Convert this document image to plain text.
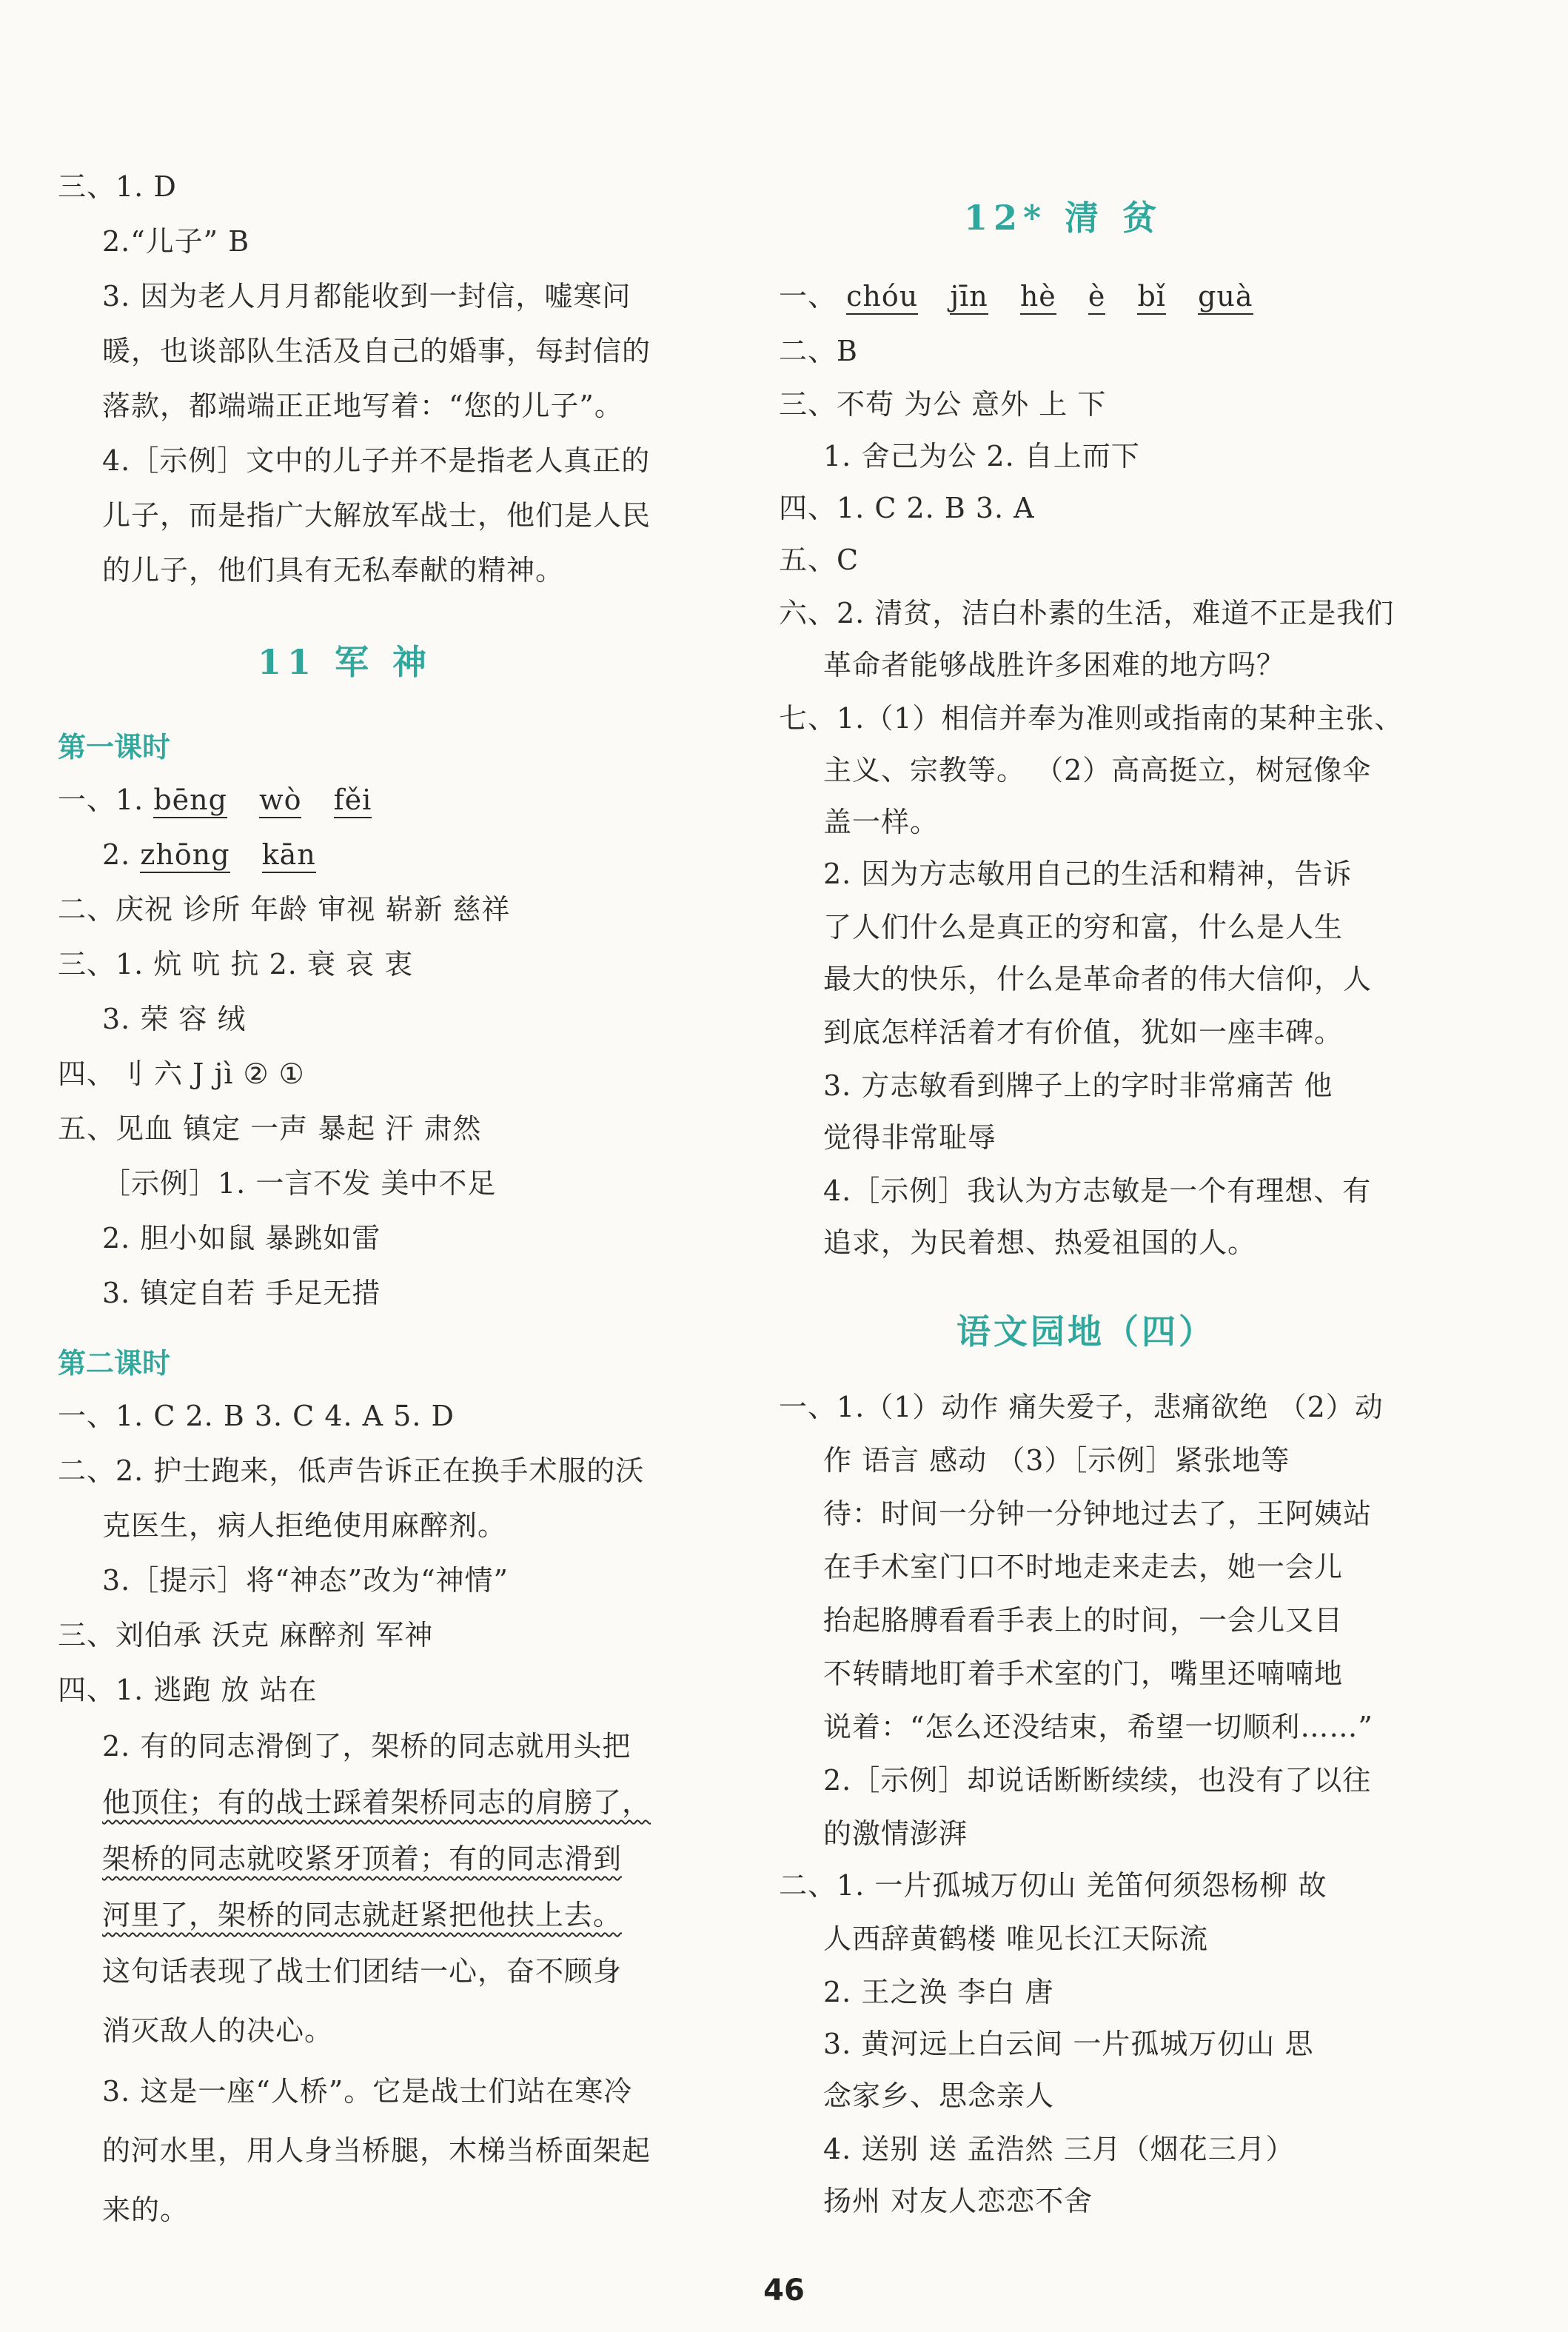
三、1. D
2.“儿子” B
3. 因为老人月月都能收到一封信，嘘寒问
暖，也谈部队生活及自己的婚事，每封信的
落款，都端端正正地写着：“您的儿子”。
4.［示例］文中的儿子并不是指老人真正的
儿子，而是指广大解放军战士，他们是人民
的儿子，他们具有无私奉献的精神。
11 军 神
第一课时
一、1. bēng wò fěi
2. zhōng kān
二、庆祝 诊所 年龄 审视 崭新 慈祥
三、1. 炕 吭 抗 2. 衰 哀 衷
3. 荣 容 绒
四、刂 六 J jì ② ①
五、见血 镇定 一声 暴起 汗 肃然
［示例］1. 一言不发 美中不足
2. 胆小如鼠 暴跳如雷
3. 镇定自若 手足无措
第二课时
一、1. C 2. B 3. C 4. A 5. D
二、2. 护士跑来，低声告诉正在换手术服的沃
克医生，病人拒绝使用麻醉剂。
3.［提示］将“神态”改为“神情”
三、刘伯承 沃克 麻醉剂 军神
四、1. 逃跑 放 站在
2. 有的同志滑倒了，架桥的同志就用头把
他顶住；有的战士踩着架桥同志的肩膀了，
架桥的同志就咬紧牙顶着；有的同志滑到
河里了，架桥的同志就赶紧把他扶上去。
这句话表现了战士们团结一心，奋不顾身
消灭敌人的决心。
3. 这是一座“人桥”。它是战士们站在寒冷
的河水里，用人身当桥腿，木梯当桥面架起
来的。
12* 清 贫
一、 chóu jīn hè è bǐ guà
二、B
三、不苟 为公 意外 上 下
1. 舍己为公 2. 自上而下
四、1. C 2. B 3. A
五、C
六、2. 清贫，洁白朴素的生活，难道不正是我们
革命者能够战胜许多困难的地方吗？
七、1.（1）相信并奉为准则或指南的某种主张、
主义、宗教等。 （2）高高挺立，树冠像伞
盖一样。
2. 因为方志敏用自己的生活和精神，告诉
了人们什么是真正的穷和富，什么是人生
最大的快乐，什么是革命者的伟大信仰，人
到底怎样活着才有价值，犹如一座丰碑。
3. 方志敏看到牌子上的字时非常痛苦 他
觉得非常耻辱
4.［示例］我认为方志敏是一个有理想、有
追求，为民着想、热爱祖国的人。
语文园地（四）
一、1.（1）动作 痛失爱子，悲痛欲绝 （2）动
作 语言 感动 （3）［示例］紧张地等
待：时间一分钟一分钟地过去了，王阿姨站
在手术室门口不时地走来走去，她一会儿
抬起胳膊看看手表上的时间，一会儿又目
不转睛地盯着手术室的门，嘴里还喃喃地
说着：“怎么还没结束，希望一切顺利……”
2.［示例］却说话断断续续，也没有了以往
的激情澎湃
二、1. 一片孤城万仞山 羌笛何须怨杨柳 故
人西辞黄鹤楼 唯见长江天际流
2. 王之涣 李白 唐
3. 黄河远上白云间 一片孤城万仞山 思
念家乡、思念亲人
4. 送别 送 孟浩然 三月（烟花三月）
扬州 对友人恋恋不舍
46
